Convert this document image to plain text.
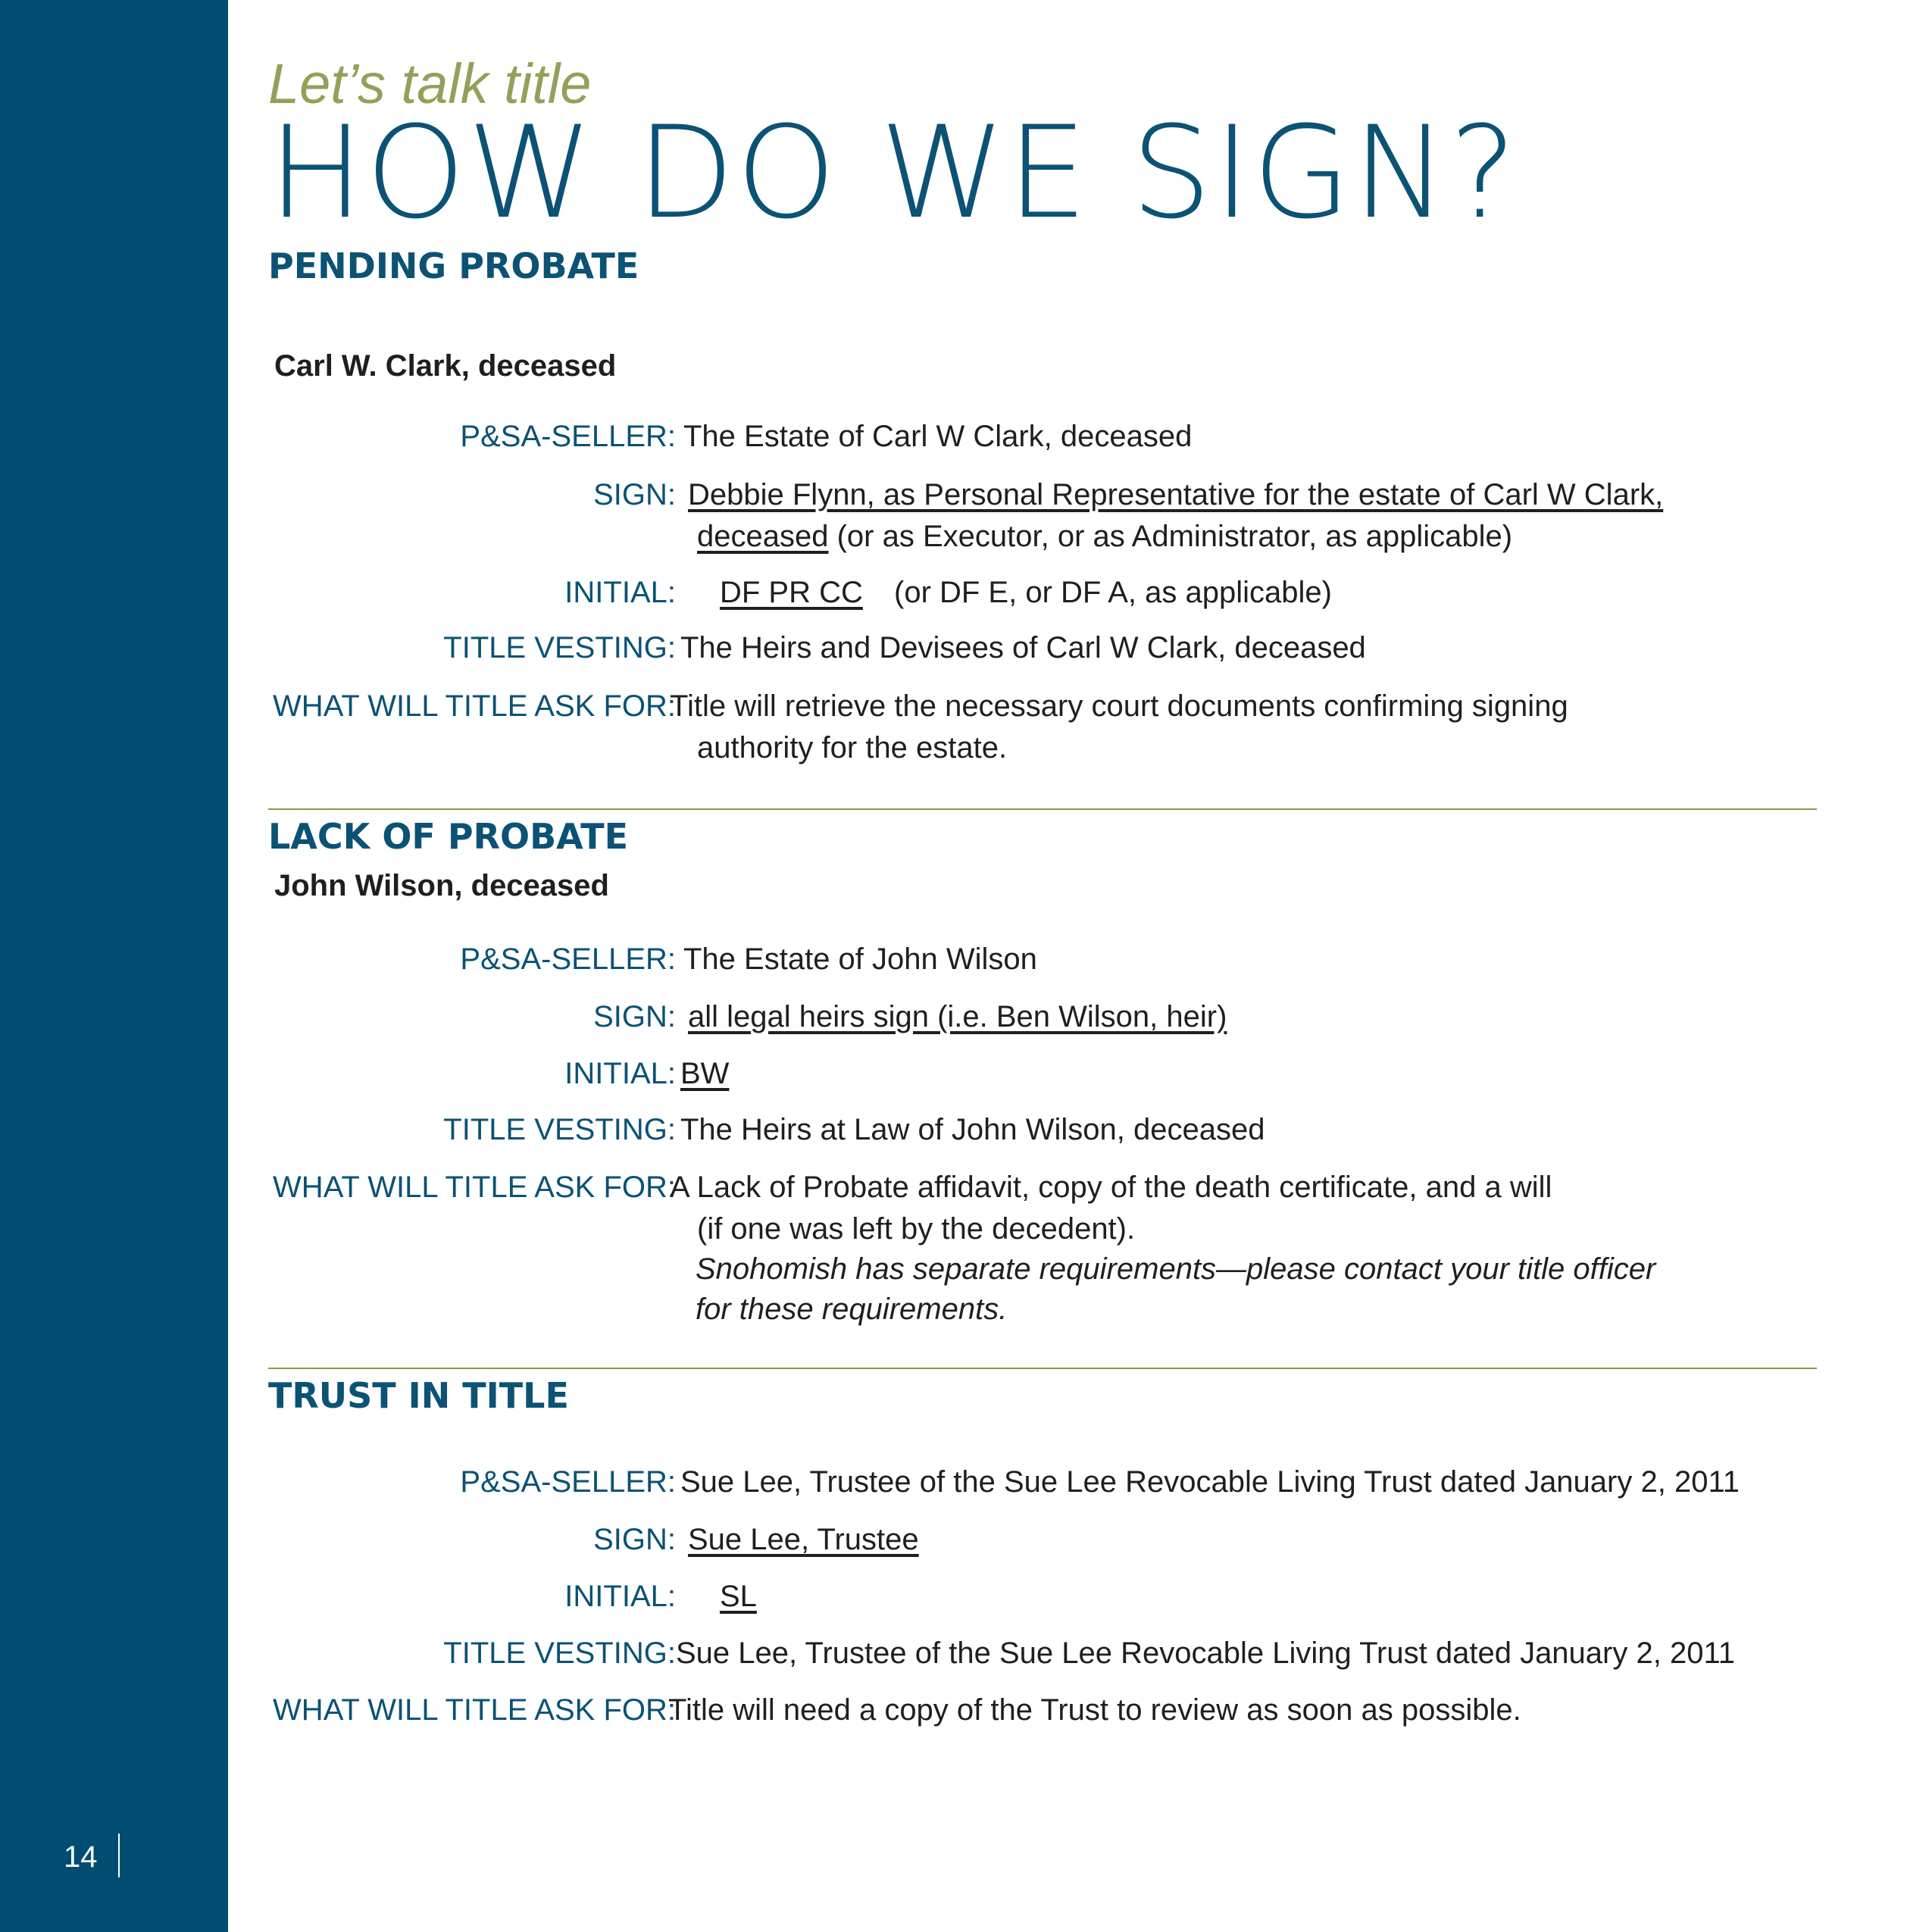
14
Let’s talk title
HOW DO WE SIGN?
PENDING PROBATE
Carl W. Clark, deceased
P&SA-SELLER: The Estate of Carl W Clark, deceased
SIGN: Debbie Flynn, as Personal Representative for the estate of Carl W Clark,
deceased (or as Executor, or as Administrator, as applicable)
INITIAL:	DF PR CC	(or DF E, or DF A, as applicable)
TITLE VESTING: The Heirs and Devisees of Carl W Clark, deceased
WHAT WILL TITLE ASK FOR:
Title will retrieve the necessary court documents confirming signing
authority for the estate.
LACK OF PROBATE
John Wilson, deceased
P&SA-SELLER: The Estate of John Wilson
SIGN: all legal heirs sign (i.e. Ben Wilson, heir)
INITIAL: BW
TITLE VESTING: The Heirs at Law of John Wilson, deceased
WHAT WILL TITLE ASK FOR:
A Lack of Probate affidavit, copy of the death certificate, and a will
(if one was left by the decedent).
Snohomish has separate requirements—please contact your title officer
for these requirements.
TRUST IN TITLE
P&SA-SELLER: Sue Lee, Trustee of the Sue Lee Revocable Living Trust dated January 2, 2011
SIGN: Sue Lee, Trustee
INITIAL:	SL
TITLE VESTING: Sue Lee, Trustee of the Sue Lee Revocable Living Trust dated January 2, 2011
WHAT WILL TITLE ASK FOR:
Title will need a copy of the Trust to review as soon as possible.
